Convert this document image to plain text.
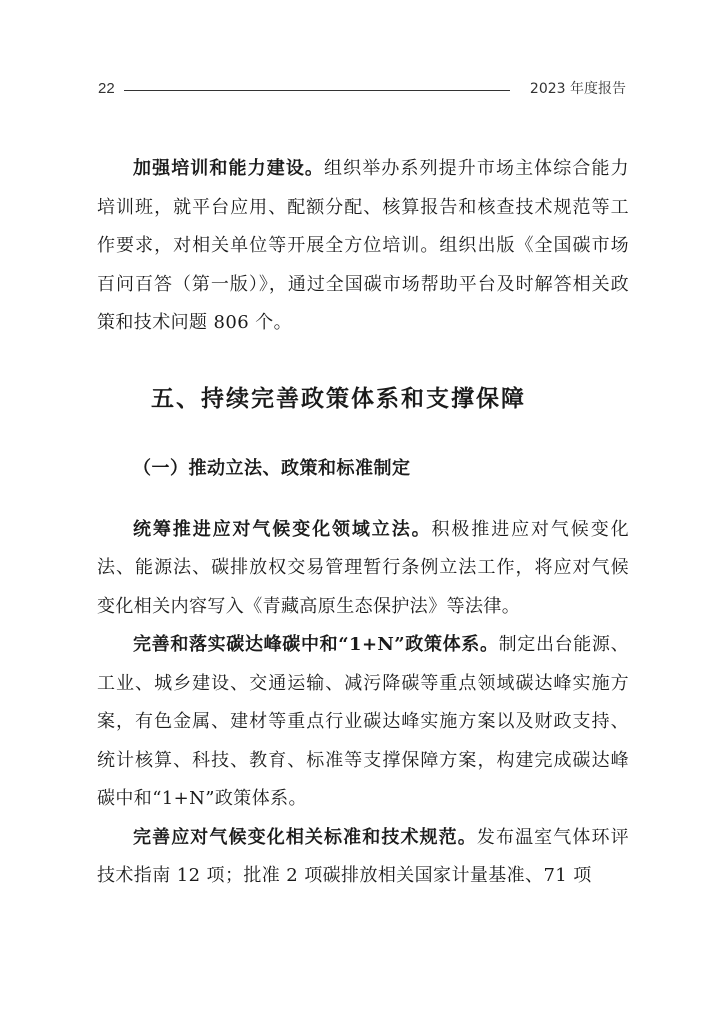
22	2023 年度报告

加强培训和能力建设。组织举办系列提升市场主体综合能力培训班，就平台应用、配额分配、核算报告和核查技术规范等工作要求，对相关单位等开展全方位培训。组织出版《全国碳市场百问百答（第一版）》，通过全国碳市场帮助平台及时解答相关政策和技术问题 806 个。

五、持续完善政策体系和支撑保障
（一）推动立法、政策和标准制定

统筹推进应对气候变化领域立法。积极推进应对气候变化法、能源法、碳排放权交易管理暂行条例立法工作，将应对气候变化相关内容写入《青藏高原生态保护法》等法律。

完善和落实碳达峰碳中和“1+N”政策体系。制定出台能源、工业、城乡建设、交通运输、减污降碳等重点领域碳达峰实施方案，有色金属、建材等重点行业碳达峰实施方案以及财政支持、统计核算、科技、教育、标准等支撑保障方案，构建完成碳达峰碳中和“1+N”政策体系。

完善应对气候变化相关标准和技术规范。发布温室气体环评技术指南 12 项；批准 2 项碳排放相关国家计量基准、71 项
